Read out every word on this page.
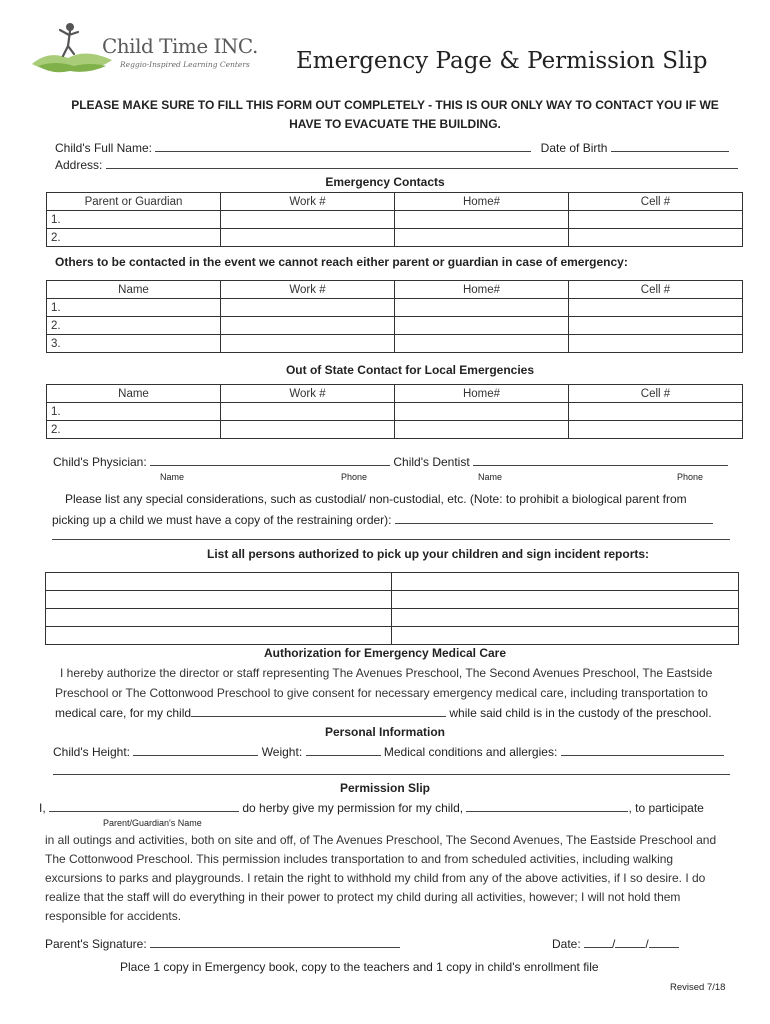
Child Time INC.
Reggio-Inspired Learning Centers Emergency Page & Permission Slip
PLEASE MAKE SURE TO FILL THIS FORM OUT COMPLETELY - THIS IS OUR ONLY WAY TO CONTACT YOU IF WE HAVE TO EVACUATE THE BUILDING.
Child's Full Name:	Date of Birth
Address:
Emergency Contacts
Parent or Guardian	Work #	Home#	Cell #
1.			
2.			
Others to be contacted in the event we cannot reach either parent or guardian in case of emergency:
Name	Work #	Home#	Cell #
1.			
2.			
3.			
Out of State Contact for Local Emergencies
Name	Work #	Home#	Cell #
1.			
2.			
Child's Physician:	Child's Dentist
Name	Phone	Name	Phone
Please list any special considerations, such as custodial/ non-custodial, etc. (Note: to prohibit a biological parent from
picking up a child we must have a copy of the restraining order):
List all persons authorized to pick up your children and sign incident reports:

Authorization for Emergency Medical Care
I hereby authorize the director or staff representing The Avenues Preschool, The Second Avenues Preschool, The Eastside
Preschool or The Cottonwood Preschool to give consent for necessary emergency medical care, including transportation to
medical care, for my child	while said child is in the custody of the preschool.
Personal Information
Child's Height:	Weight:	Medical conditions and allergies:
Permission Slip
I,	do herby give my permission for my child,	, to participate
Parent/Guardian's Name
in all outings and activities, both on site and off, of The Avenues Preschool, The Second Avenues, The Eastside Preschool and
The Cottonwood Preschool. This permission includes transportation to and from scheduled activities, including walking
excursions to parks and playgrounds. I retain the right to withhold my child from any of the above activities, if I so desire. I do
realize that the staff will do everything in their power to protect my child during all activities, however; I will not hold them
responsible for accidents.
Parent's Signature:	Date:	/	/
Place 1 copy in Emergency book, copy to the teachers and 1 copy in child's enrollment file
Revised 7/18
